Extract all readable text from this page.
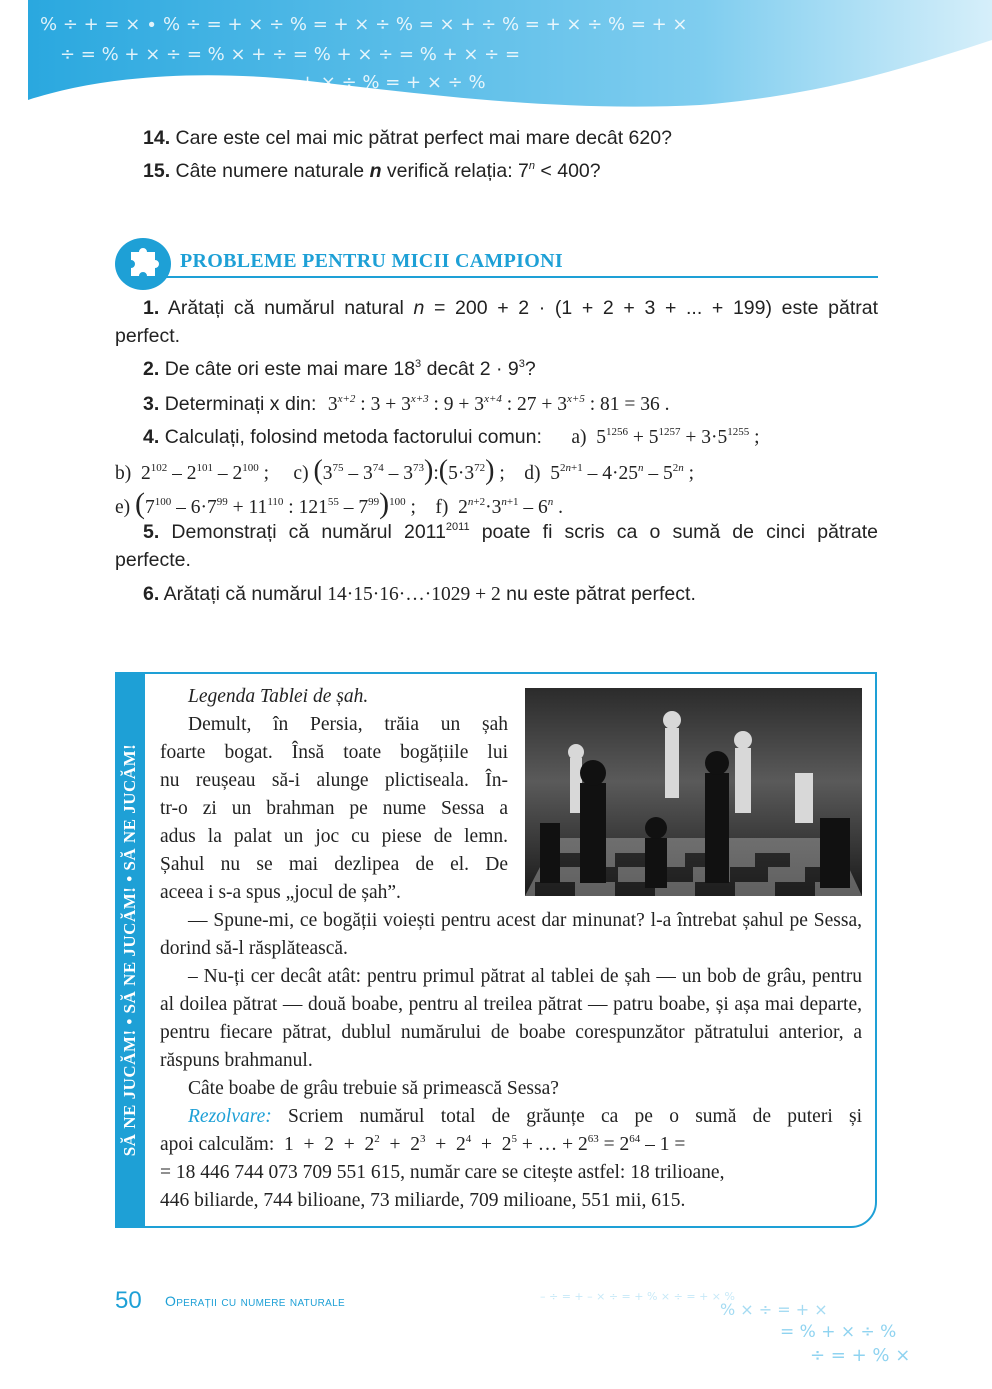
% ÷ + = × ∙ % ÷ = + × ÷ % = + × ÷ % = × + ÷ % = + × ÷ % = + ×
÷ = % + × ÷ = % × + ÷ = % + × ÷ = % + × ÷ =
+ × ÷ % = + × ÷ %
14. Care este cel mai mic pătrat perfect mai mare decât 620?
15. Câte numere naturale n verifică relația: $7^n < 400$?
PROBLEME PENTRU MICII CAMPIONI
1. Arătați că numărul natural n = 200 + 2 · (1 + 2 + 3 + ... + 199) este pătrat
perfect.
2. De câte ori este mai mare $18^3$ decât $2 \cdot 9^3$?
3. Determinați x din: $3^{x+2}$ : $3 + 3^{x+3}$ : $9 + 3^{x+4}$ : $27 + 3^{x+5}$ : 81 = 36 .
4. Calculați, folosind metoda factorului comun: a)  $5^{1256} + 5^{1257} + 3\cdot 5^{1255}$ ;
b)  $2^{102} - 2^{101} - 2^{100}$ ;     c) ($3^{75} - 3^{74}$ – $3^{73}):(5\cdot 3^{72})$ ;    d)  $5^{2n+1} - 4\cdot 25^n - 5^{2n}$ ;
e) ($7^{100} - 6\cdot 7^{99} + 11^{110}$ : $121^{55} - 7^{99})^{100}$ ;    f)  $2^{n+2}\cdot 3^{n+1} - 6^n$ .
5. Demonstrați că numărul $2011^{2011}$ poate fi scris ca o sumă de cinci pătrate
perfecte.
6. Arătați că numărul 14·15·16·…·1029 + 2 nu este pătrat perfect.
SĂ NE JUCĂM! • SĂ NE JUCĂM! • SĂ NE JUCĂM!
Legenda Tablei de șah.
Demult, în Persia, trăia un șah
foarte bogat. Însă toate bogățiile lui
nu reușeau să-i alunge plictiseala. În-
tr-o zi un brahman pe nume Sessa a
adus la palat un joc cu piese de lemn.
Șahul nu se mai dezlipea de el. De
aceea i s-a spus „jocul de șah”.
— Spune-mi, ce bogății voiești pentru acest dar minunat? l-a întrebat șahul pe Sessa, dorind să-l răsplătească.
– Nu-ți cer decât atât: pentru primul pătrat al tablei de șah — un bob de grâu, pentru al doilea pătrat — două boabe, pentru al treilea pătrat — patru boabe, și așa mai departe, pentru fiecare pătrat, dublul numărului de boabe corespunzător pătratului anterior, a răspuns brahmanul.
Câte boabe de grâu trebuie să primească Sessa?
Rezolvare: Scriem numărul total de grăunțe ca pe o sumă de puteri și
apoi calculăm:  $1 + 2 + 2^2 + 2^3 + 2^4 + 2^5$ + … + $2^{63} = 2^{64} - 1$ =
= 18 446 744 073 709 551 615, număr care se citește astfel: 18 trilioane,
446 biliarde, 744 bilioane, 73 miliarde, 709 milioane, 551 mii, 615.
50 Operații cu numere naturale	– ÷ = + – × ÷ = + % × ÷ = + × %
% × ÷ = + ×
= % + × ÷ %
÷ = + % ×
